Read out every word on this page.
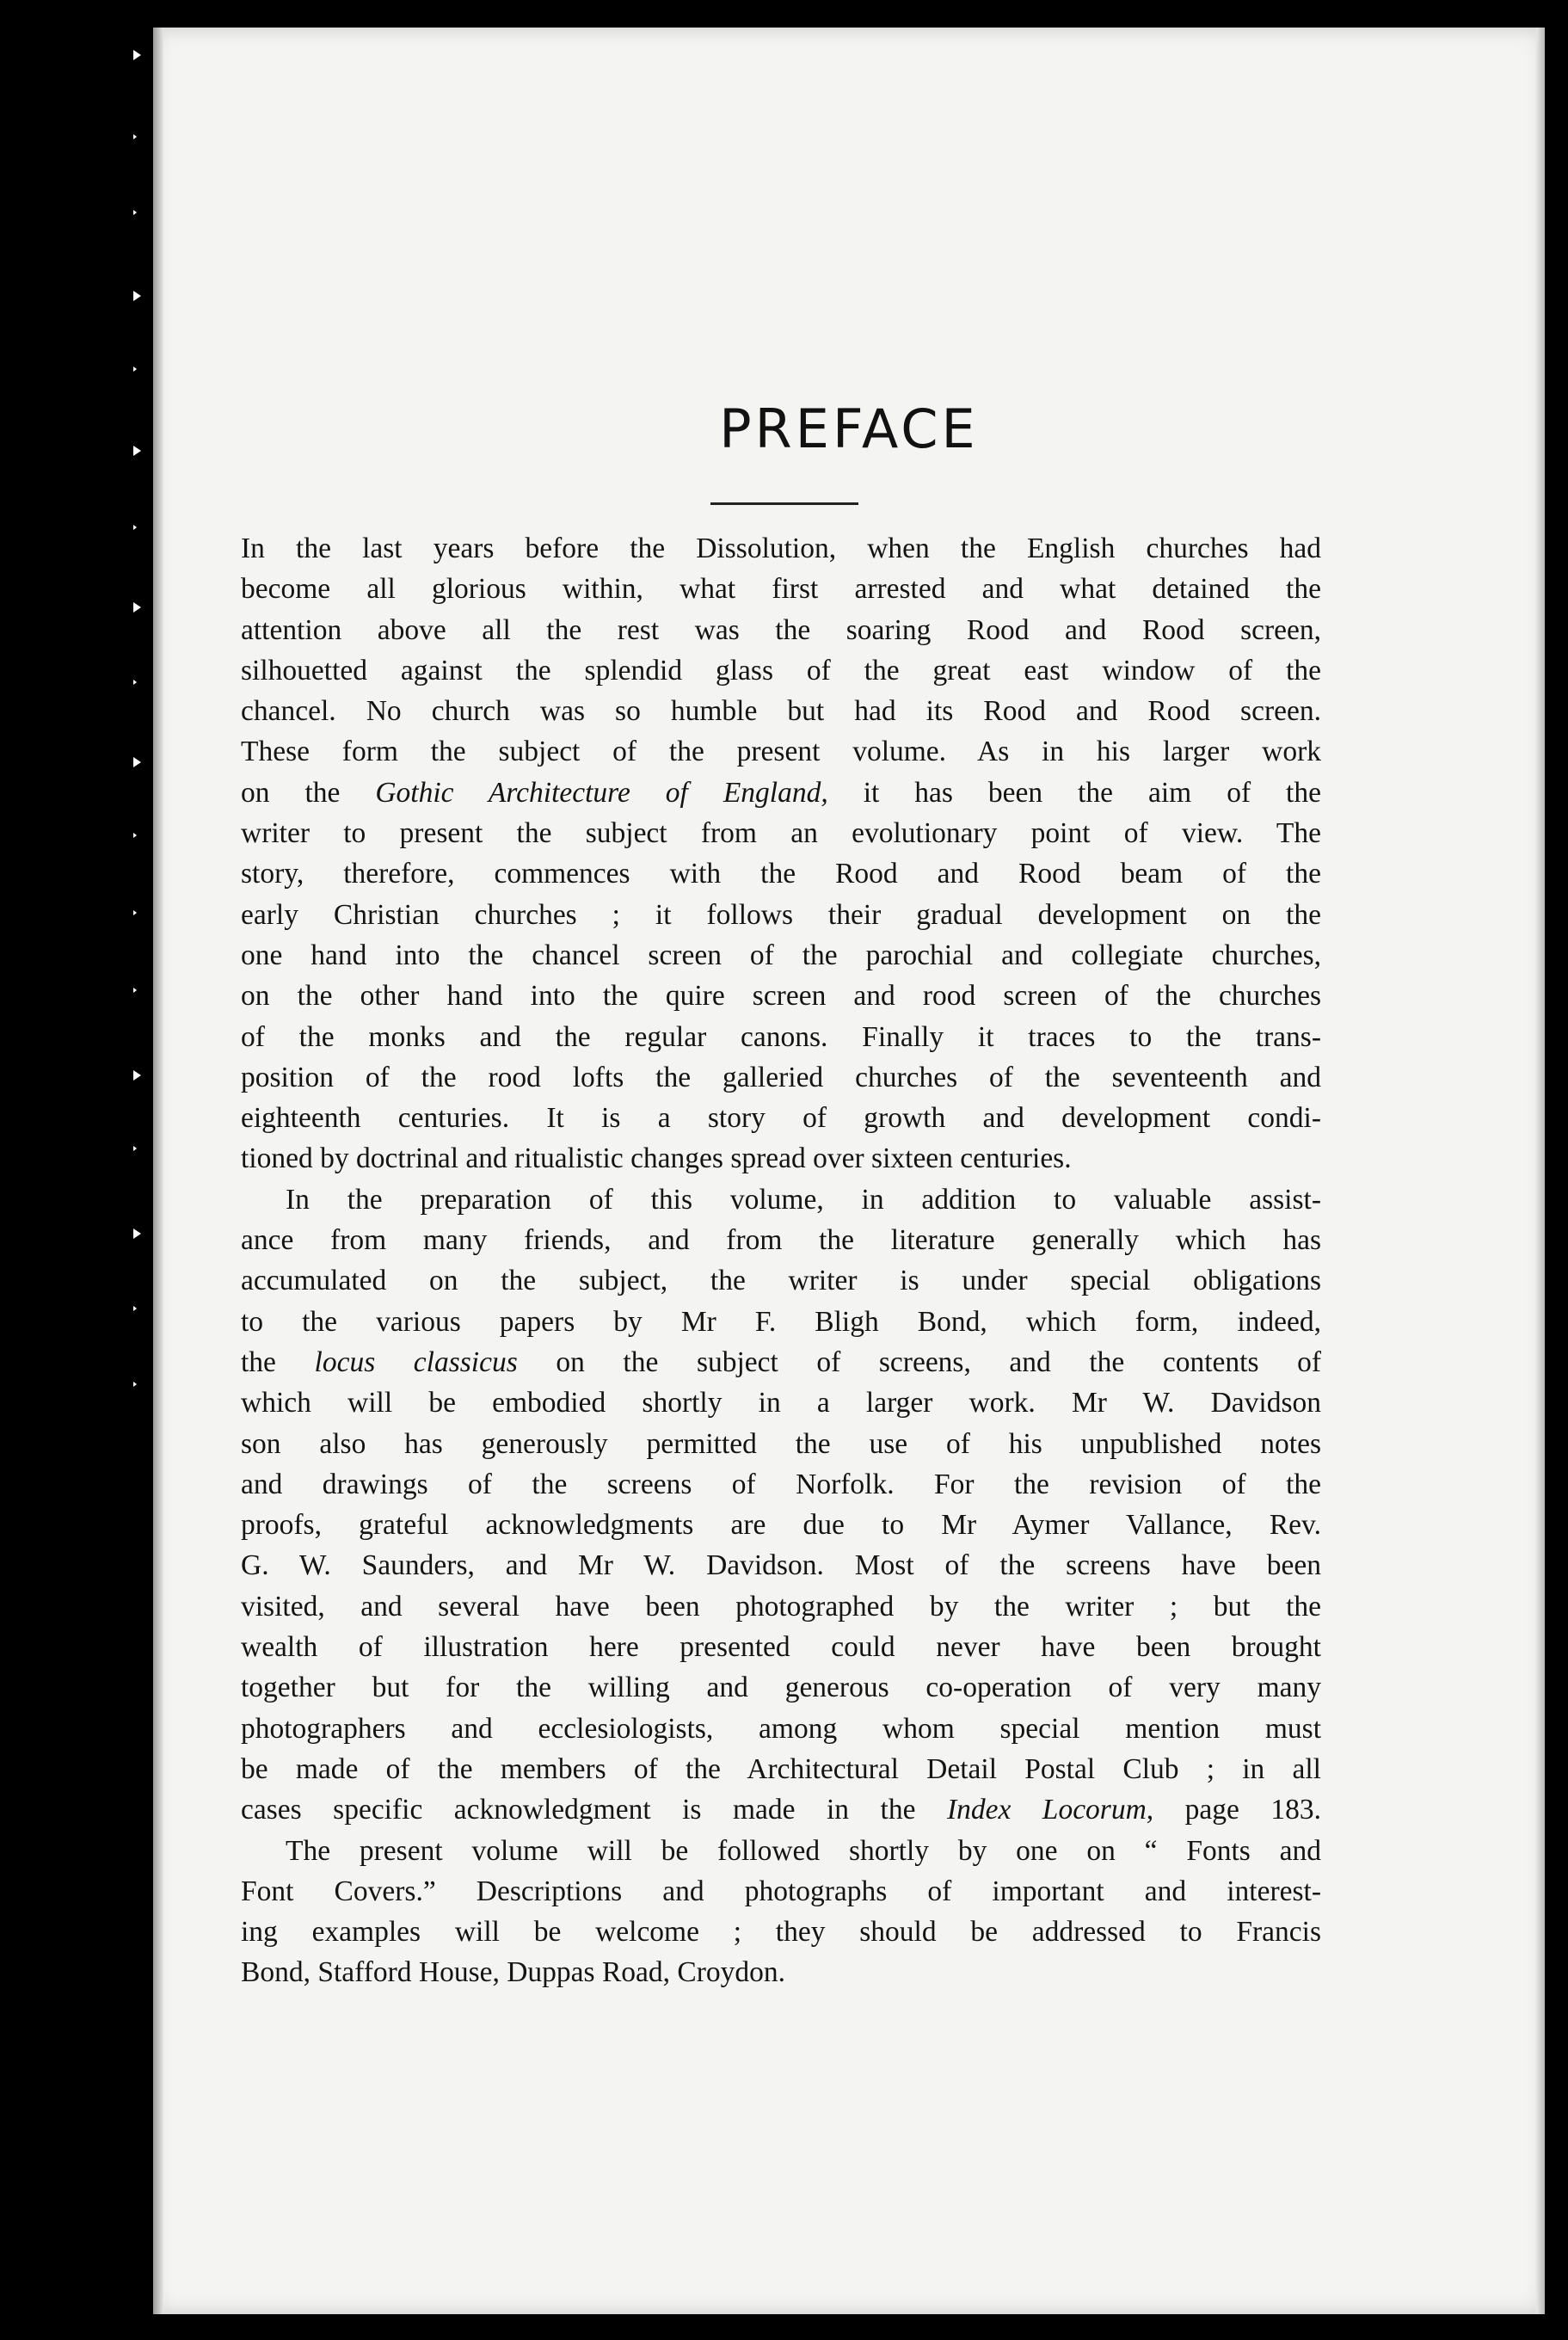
PREFACE
In the last years before the Dissolution, when the English churches had
become all glorious within, what first arrested and what detained the
attention above all the rest was the soaring Rood and Rood screen,
silhouetted against the splendid glass of the great east window of the
chancel. No church was so humble but had its Rood and Rood screen.
These form the subject of the present volume. As in his larger work
on the Gothic Architecture of England, it has been the aim of the
writer to present the subject from an evolutionary point of view. The
story, therefore, commences with the Rood and Rood beam of the
early Christian churches ; it follows their gradual development on the
one hand into the chancel screen of the parochial and collegiate churches,
on the other hand into the quire screen and rood screen of the churches
of the monks and the regular canons. Finally it traces to the trans-
position of the rood lofts the galleried churches of the seventeenth and
eighteenth centuries. It is a story of growth and development condi-
tioned by doctrinal and ritualistic changes spread over sixteen centuries.
In the preparation of this volume, in addition to valuable assist-
ance from many friends, and from the literature generally which has
accumulated on the subject, the writer is under special obligations
to the various papers by Mr F. Bligh Bond, which form, indeed,
the locus classicus on the subject of screens, and the contents of
which will be embodied shortly in a larger work. Mr W. Davidson
son also has generously permitted the use of his unpublished notes
and drawings of the screens of Norfolk. For the revision of the
proofs, grateful acknowledgments are due to Mr Aymer Vallance, Rev.
G. W. Saunders, and Mr W. Davidson. Most of the screens have been
visited, and several have been photographed by the writer ; but the
wealth of illustration here presented could never have been brought
together but for the willing and generous co-operation of very many
photographers and ecclesiologists, among whom special mention must
be made of the members of the Architectural Detail Postal Club ; in all
cases specific acknowledgment is made in the Index Locorum, page 183.
The present volume will be followed shortly by one on “ Fonts and
Font Covers.” Descriptions and photographs of important and interest-
ing examples will be welcome ; they should be addressed to Francis
Bond, Stafford House, Duppas Road, Croydon.
